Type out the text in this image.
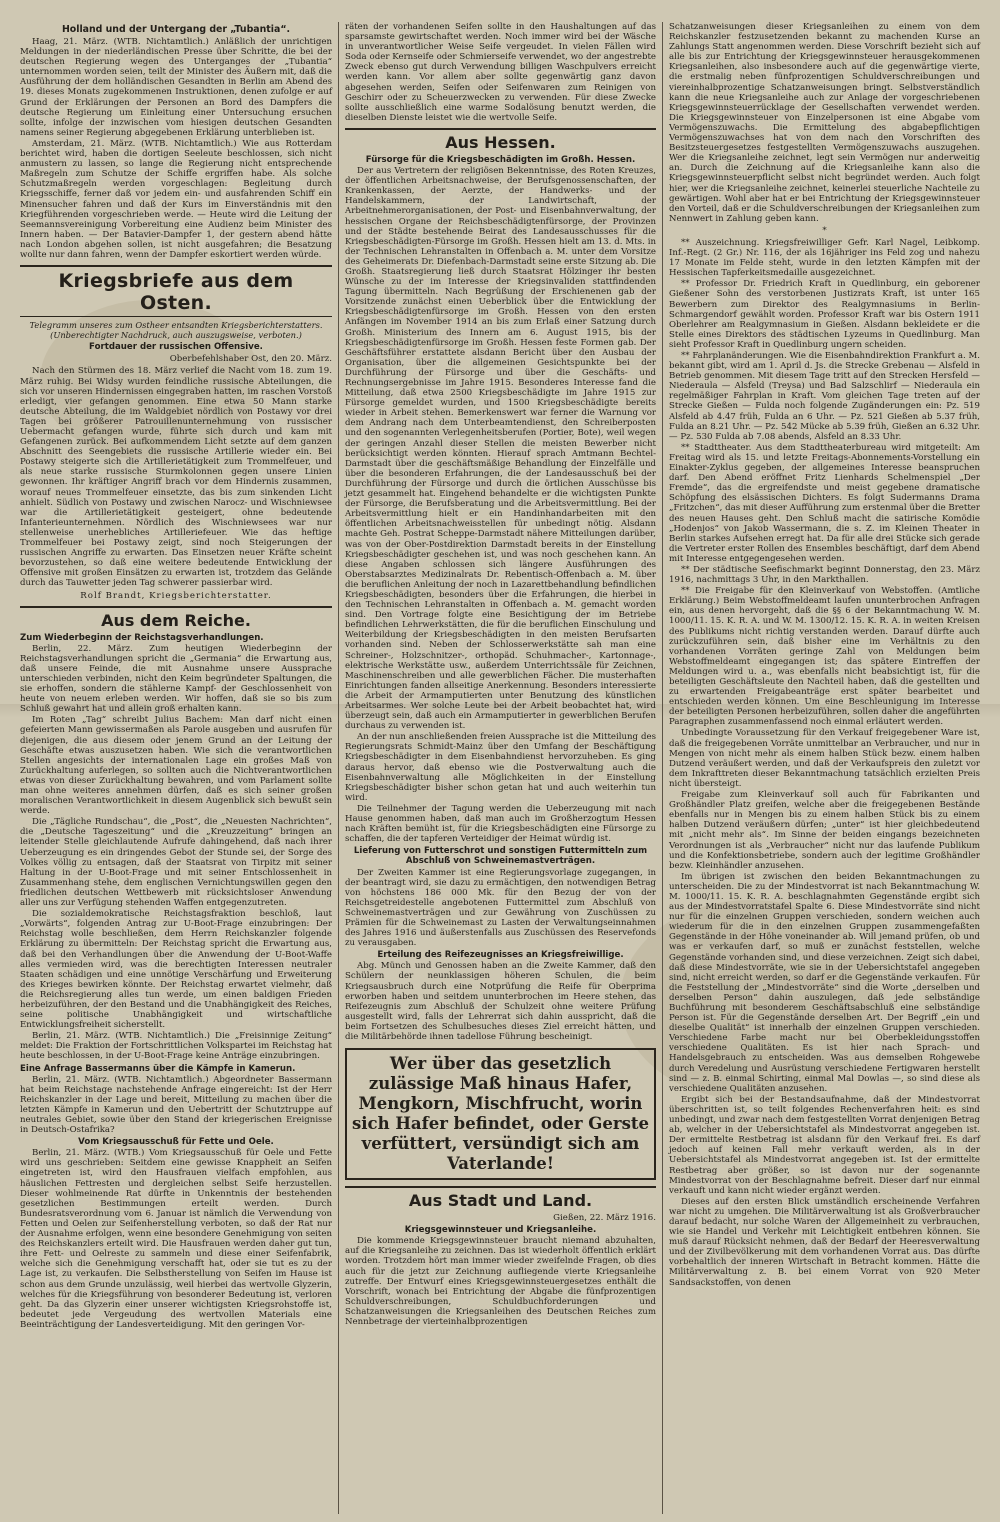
Holland und der Untergang der „Tubantia“.

Haag, 21. März. (WTB. Nichtamtlich.) Anläßlich der unrichtigen Meldungen in der niederländischen Presse über Schritte, die bei der deutschen Regierung wegen des Unterganges der „Tubantia“ unternommen worden seien, teilt der Minister des Äußern mit, daß die Ausführung der dem holländischen Gesandten in Berlin am Abend des 19. dieses Monats zugekommenen Instruktionen, denen zufolge er auf Grund der Erklärungen der Personen an Bord des Dampfers die deutsche Regierung um Einleitung einer Untersuchung ersuchen sollte, infolge der inzwischen vom hiesigen deutschen Gesandten namens seiner Regierung abgegebenen Erklärung unterblieben ist.

Amsterdam, 21. März. (WTB. Nichtamtlich.) Wie aus Rotterdam berichtet wird, haben die dortigen Seeleute beschlossen, sich nicht anmustern zu lassen, so lange die Regierung nicht entsprechende Maßregeln zum Schutze der Schiffe ergriffen habe. Als solche Schutzmaßregeln werden vorgeschlagen: Begleitung durch Kriegsschiffe, ferner daß vor jedem ein- und ausfahrenden Schiff ein Minensucher fahren und daß der Kurs im Einverständnis mit den Kriegführenden vorgeschrieben werde. — Heute wird die Leitung der Seemannsvereinigung Vorbereitung eine Audienz beim Minister des Innern haben. — Der Batavier-Dampfer 1, der gestern abend hätte nach London abgehen sollen, ist nicht ausgefahren; die Besatzung wollte nur dann fahren, wenn der Dampfer eskortiert werden würde.

Kriegsbriefe aus dem Osten.
Telegramm unseres zum Ostheer entsandten Kriegsberichterstatters. (Unberechtigter Nachdruck, auch auszugsweise, verboten.)
Fortdauer der russischen Offensive.
Oberbefehlshaber Ost, den 20. März.

Nach den Stürmen des 18. März verlief die Nacht vom 18. zum 19. März ruhig. Bei Widsy wurden feindliche russische Abteilungen, die sich vor unseren Hindernissen eingegraben hatten, im raschen Vorstoß erledigt, vier gefangen genommen. Eine etwa 50 Mann starke deutsche Abteilung, die im Waldgebiet nördlich von Postawy vor drei Tagen bei größerer Patrouillenunternehmung von russischer Uebermacht gefangen wurde, führte sich durch und kam mit Gefangenen zurück. Bei aufkommendem Licht setzte auf dem ganzen Abschnitt des Seengebiets die russische Artillerie wieder ein. Bei Postawy steigerte sich die Artillerietätigkeit zum Trommelfeuer, und als neue starke russische Sturmkolonnen gegen unsere Linien gewonnen. Ihr kräftiger Angriff brach vor dem Hindernis zusammen, worauf neues Trommelfeuer einsetzte, das bis zum sinkenden Licht anhielt. Südlich von Postawy und zwischen Narocz- und Wischniewsee war die Artillerietätigkeit gesteigert, ohne bedeutende Infanterieunternehmen. Nördlich des Wischniewsees war nur stellenweise unerhebliches Artilleriefeuer. Wie das heftige Trommelfeuer bei Postawy zeigt, sind noch Steigerungen der russischen Angriffe zu erwarten. Das Einsetzen neuer Kräfte scheint bevorzustehen, so daß eine weitere bedeutende Entwicklung der Offensive mit großen Einsätzen zu erwarten ist, trotzdem das Gelände durch das Tauwetter jeden Tag schwerer passierbar wird.

Rolf Brandt, Kriegsberichterstatter.
Aus dem Reiche.
Zum Wiederbeginn der Reichstagsverhandlungen.

Berlin, 22. März. Zum heutigen Wiederbeginn der Reichstagsverhandlungen spricht die „Germania“ die Erwartung aus, daß unsere Feinde, die mit Ausnahme unsere Aussprache unterschieden verbinden, nicht den Keim begründeter Spaltungen, die sie erhoffen, sondern die stählerne Kampf- der Geschlossenheit von heute von neuem erleben werden. Wir hoffen, daß sie so bis zum Schluß gewahrt hat und allein groß erhalten kann.

Im Roten „Tag“ schreibt Julius Bachem: Man darf nicht einen gefeierten Mann gewissermaßen als Parole ausgeben und ausrufen für diejenigen, die aus diesem oder jenem Grund an der Leitung der Geschäfte etwas auszusetzen haben. Wie sich die verantwortlichen Stellen angesichts der internationalen Lage ein großes Maß von Zurückhaltung auferlegen, so sollten auch die Nichtverantwortlichen etwas von dieser Zurückhaltung bewahren, und vom Parlament sollte man ohne weiteres annehmen dürfen, daß es sich seiner großen moralischen Verantwortlichkeit in diesem Augenblick sich bewußt sein werde.

Die „Tägliche Rundschau“, die „Post“, die „Neuesten Nachrichten“, die „Deutsche Tageszeitung“ und die „Kreuzzeitung“ bringen an leitender Stelle gleichlautende Aufrufe dahingehend, daß nach ihrer Ueberzeugung es ein dringendes Gebot der Stunde sei, der Sorge des Volkes völlig zu entsagen, daß der Staatsrat von Tirpitz mit seiner Haltung in der U-Boot-Frage und mit seiner Entschlossenheit in Zusammenhang stehe, dem englischen Vernichtungswillen gegen den friedlichen deutschen Wettbewerb mit rücksichtsloser Anwendung aller uns zur Verfügung stehenden Waffen entgegenzutreten.

Die sozialdemokratische Reichstagsfraktion beschloß, laut „Vorwärts“, folgenden Antrag zur U-Boot-Frage einzubringen: Der Reichstag wolle beschließen, dem Herrn Reichskanzler folgende Erklärung zu übermitteln: Der Reichstag spricht die Erwartung aus, daß bei den Verhandlungen über die Anwendung der U-Boot-Waffe alles vermieden wird, was die berechtigten Interessen neutraler Staaten schädigen und eine unnötige Verschärfung und Erweiterung des Krieges bewirken könnte. Der Reichstag erwartet vielmehr, daß die Reichsregierung alles tun werde, um einen baldigen Frieden herbeizuführen, der den Bestand und die Unabhängigkeit des Reiches, seine politische Unabhängigkeit und wirtschaftliche Entwicklungsfreiheit sicherstellt.

Berlin, 21. März. (WTB. Nichtamtlich.) Die „Freisinnige Zeitung“ meldet: Die Fraktion der Fortschrittlichen Volkspartei im Reichstag hat heute beschlossen, in der U-Boot-Frage keine Anträge einzubringen.

Eine Anfrage Bassermanns über die Kämpfe in Kamerun.

Berlin, 21. März. (WTB. Nichtamtlich.) Abgeordneter Bassermann hat beim Reichstage nachstehende Anfrage eingereicht: Ist der Herr Reichskanzler in der Lage und bereit, Mitteilung zu machen über die letzten Kämpfe in Kamerun und den Uebertritt der Schutztruppe auf neutrales Gebiet, sowie über den Stand der kriegerischen Ereignisse in Deutsch-Ostafrika?

Vom Kriegsausschuß für Fette und Oele.

Berlin, 21. März. (WTB.) Vom Kriegsausschuß für Oele und Fette wird uns geschrieben: Seitdem eine gewisse Knappheit an Seifen eingetreten ist, wird den Hausfrauen vielfach empfohlen, aus häuslichen Fettresten und dergleichen selbst Seife herzustellen. Dieser wohlmeinende Rat dürfte in Unkenntnis der bestehenden gesetzlichen Bestimmungen erteilt werden. Durch Bundesratsverordnung vom 6. Januar ist nämlich die Verwendung von Fetten und Oelen zur Seifenherstellung verboten, so daß der Rat nur der Ausnahme erfolgen, wenn eine besondere Genehmigung von seiten des Reichskanzlers erteilt wird. Die Hausfrauen werden daher gut tun, ihre Fett- und Oelreste zu sammeln und diese einer Seifenfabrik, welche sich die Genehmigung verschafft hat, oder sie tut es zu der Lage ist, zu verkaufen. Die Selbstherstellung von Seifen im Hause ist schon aus dem Grunde unzulässig, weil hierbei das wertvolle Glyzerin, welches für die Kriegsführung von besonderer Bedeutung ist, verloren geht. Da das Glyzerin einer unserer wichtigsten Kriegsrohstoffe ist, bedeutet jede Vergeudung des wertvollen Materials eine Beeinträchtigung der Landesverteidigung. Mit den geringen Vor-

räten der vorhandenen Seifen sollte in den Haushaltungen auf das sparsamste gewirtschaftet werden. Noch immer wird bei der Wäsche in unverantwortlicher Weise Seife vergeudet. In vielen Fällen wird Soda oder Kernseife oder Schmierseife verwendet, wo der angestrebte Zweck ebenso gut durch Verwendung billigen Waschpulvers erreicht werden kann. Vor allem aber sollte gegenwärtig ganz davon abgesehen werden, Seifen oder Seifenwaren zum Reinigen von Geschirr oder zu Scheuerzwecken zu verwenden. Für diese Zwecke sollte ausschließlich eine warme Sodalösung benutzt werden, die dieselben Dienste leistet wie die wertvolle Seife.

Aus Hessen.
Fürsorge für die Kriegsbeschädigten im Großh. Hessen.

Der aus Vertretern der religiösen Bekenntnisse, des Roten Kreuzes, der öffentlichen Arbeitsnachweise, der Berufsgenossenschaften, der Krankenkassen, der Aerzte, der Handwerks- und der Handelskammern, der Landwirtschaft, der Arbeitnehmerorganisationen, der Post- und Eisenbahnverwaltung, der hessischen Organe der Reichsbeschädigtenfürsorge, der Provinzen und der Städte bestehende Beirat des Landesausschusses für die Kriegsbeschädigten-Fürsorge im Großh. Hessen hielt am 13. d. Mts. in der Technischen Lehranstalten in Offenbach a. M. unter dem Vorsitze des Geheimerats Dr. Diefenbach-Darmstadt seine erste Sitzung ab. Die Großh. Staatsregierung ließ durch Staatsrat Hölzinger ihr besten Wünsche zu der im Interesse der Kriegsinvaliden stattfindenden Tagung übermitteln. Nach Begrüßung der Erschienenen gab der Vorsitzende zunächst einen Ueberblick über die Entwicklung der Kriegsbeschädigtenfürsorge im Großh. Hessen von den ersten Anfängen im November 1914 an bis zum Erlaß einer Satzung durch Großh. Ministerium des Innern am 6. August 1915, bis der Kriegsbeschädigtenfürsorge im Großh. Hessen feste Formen gab. Der Geschäftsführer erstattete alsdann Bericht über den Ausbau der Organisation, über die allgemeinen Gesichtspunkte bei der Durchführung der Fürsorge und über die Geschäfts- und Rechnungsergebnisse im Jahre 1915. Besonderes Interesse fand die Mitteilung, daß etwa 2500 Kriegsbeschädigte im Jahre 1915 zur Fürsorge gemeldet wurden, und 1500 Kriegsbeschädigte bereits wieder in Arbeit stehen. Bemerkenswert war ferner die Warnung vor dem Andrang nach dem Unterbeamtendienst, den Schreiberposten und den sogenannten Verlegenheitsberufen (Portier, Bote), weil wegen der geringen Anzahl dieser Stellen die meisten Bewerber nicht berücksichtigt werden könnten. Hierauf sprach Amtmann Bechtel-Darmstadt über die geschäftsmäßige Behandlung der Einzelfälle und über die besonderen Erfahrungen, die der Landesausschuß bei der Durchführung der Fürsorge und durch die örtlichen Ausschüsse bis jetzt gesammelt hat. Eingehend behandelte er die wichtigsten Punkte der Fürsorge, die Berufsberatung und die Arbeitsvermittlung. Bei der Arbeitsvermittlung hielt er ein Handinhandarbeiten mit den öffentlichen Arbeitsnachweisstellen für unbedingt nötig. Alsdann machte Geh. Postrat Scheppe-Darmstadt nähere Mitteilungen darüber, was von der Ober-Postdirektion Darmstadt bereits in der Einstellung Kriegsbeschädigter geschehen ist, und was noch geschehen kann. An diese Angaben schlossen sich längere Ausführungen des Oberstabsarztes Medizinalrats Dr. Rebentisch-Offenbach a. M. über die beruflichen Anleitung der noch in Lazarettbehandlung befindlichen Kriegsbeschädigten, besonders über die Erfahrungen, die hierbei in den Technischen Lehranstalten in Offenbach a. M. gemacht worden sind. Den Vortrage folgte eine Besichtigung der im Betriebe befindlichen Lehrwerkstätten, die für die beruflichen Einschulung und Weiterbildung der Kriegsbeschädigten in den meisten Berufsarten vorhanden sind. Neben der Schlosserwerkstätte sah man eine Schreiner-, Holzschnitzer-, orthopäd. Schuhmacher-, Kartonnage-, elektrische Werkstätte usw., außerdem Unterrichtssäle für Zeichnen, Maschinenschreiben und alle gewerblichen Fächer. Die musterhaften Einrichtungen fanden allseitige Anerkennung. Besonders interessierte die Arbeit der Armamputierten unter Benutzung des künstlichen Arbeitsarmes. Wer solche Leute bei der Arbeit beobachtet hat, wird überzeugt sein, daß auch ein Armamputierter in gewerblichen Berufen durchaus zu verwenden ist.

An der nun anschließenden freien Aussprache ist die Mitteilung des Regierungsrats Schmidt-Mainz über den Umfang der Beschäftigung Kriegsbeschädigter in dem Eisenbahndienst hervorzuheben. Es ging daraus hervor, daß ebenso wie die Postverwaltung auch die Eisenbahnverwaltung alle Möglichkeiten in der Einstellung Kriegsbeschädigter bisher schon getan hat und auch weiterhin tun wird.

Die Teilnehmer der Tagung werden die Ueberzeugung mit nach Hause genommen haben, daß man auch im Großherzogtum Hessen nach Kräften bemüht ist, für die Kriegsbeschädigten eine Fürsorge zu schaffen, die der tapferen Verteidiger der Heimat würdig ist.

Lieferung von Futterschrot und sonstigen Futtermitteln zum Abschluß von Schweinemastverträgen.

Der Zweiten Kammer ist eine Regierungsvorlage zugegangen, in der beantragt wird, sie dazu zu ermächtigen, den notwendigen Betrag von höchstens 186 000 Mk. für den Bezug der von der Reichsgetreidestelle angebotenen Futtermittel zum Abschluß von Schweinemastverträgen und zur Gewährung von Zuschüssen zu Prämien für die Schweinemast zu Lasten der Verwaltungseinnahmen des Jahres 1916 und äußerstenfalls aus Zuschüssen des Reservefonds zu verausgaben.

Erteilung des Reifezeugnisses an Kriegsfreiwillige.

Abg. Münch und Genossen haben an die Zweite Kammer, daß den Schülern der neunklassigen höheren Schulen, die beim Kriegsausbruch durch eine Notprüfung die Reife für Oberprima erworben haben und seitdem ununterbrochen im Heere stehen, das Reifezeugnis zum Abschluß der Schulzeit ohne weitere Prüfung ausgestellt wird, falls der Lehrerrat sich dahin ausspricht, daß die beim Fortsetzen des Schulbesuches dieses Ziel erreicht hätten, und die Militärbehörde ihnen tadellose Führung bescheinigt.

Wer über das gesetzlich zulässige Maß hinaus Hafer, Mengkorn, Mischfrucht, worin sich Hafer befindet, oder Gerste verfüttert, versündigt sich am Vaterlande!
Aus Stadt und Land.
Gießen, 22. März 1916.
Kriegsgewinnsteuer und Kriegsanleihe.

Die kommende Kriegsgewinnsteuer braucht niemand abzuhalten, auf die Kriegsanleihe zu zeichnen. Das ist wiederholt öffentlich erklärt worden. Trotzdem hört man immer wieder zweifelnde Fragen, ob dies auch für die jetzt zur Zeichnung aufliegende vierte Kriegsanleihe zutreffe. Der Entwurf eines Kriegsgewinnsteuergesetzes enthält die Vorschrift, wonach bei Entrichtung der Abgabe die fünfprozentigen Schuldverschreibungen, Schuldbuchforderungen und Schatzanweisungen die Kriegsanleihen des Deutschen Reiches zum Nennbetrage der vierteinhalbprozentigen

Schatzanweisungen dieser Kriegsanleihen zu einem von dem Reichskanzler festzusetzenden bekannt zu machenden Kurse an Zahlungs Statt angenommen werden. Diese Vorschrift bezieht sich auf alle bis zur Entrichtung der Kriegsgewinnsteuer herausgekommenen Kriegsanleihen, also insbesondere auch auf die gegenwärtige vierte, die erstmalig neben fünfprozentigen Schuldverschreibungen und viereinhalbprozentige Schatzanweisungen bringt. Selbstverständlich kann die neue Kriegsanleihe auch zur Anlage der vorgeschriebenen Kriegsgewinnsteuerrücklage der Gesellschaften verwendet werden. Die Kriegsgewinnsteuer von Einzelpersonen ist eine Abgabe vom Vermögenszuwachs. Die Ermittelung des abgabepflichtigen Vermögenszuwachses hat von dem nach den Vorschriften des Besitzsteuergesetzes festgestellten Vermögenszuwachs auszugehen. Wer die Kriegsanleihe zeichnet, legt sein Vermögen nur anderweitig an. Durch die Zeichnung auf die Kriegsanleihe kann also die Kriegsgewinnsteuerpflicht selbst nicht begründet werden. Auch folgt hier, wer die Kriegsanleihe zeichnet, keinerlei steuerliche Nachteile zu gewärtigen. Wohl aber hat er bei Entrichtung der Kriegsgewinnsteuer den Vorteil, daß er die Schuldverschreibungen der Kriegsanleihen zum Nennwert in Zahlung geben kann.

*

** Auszeichnung. Kriegsfreiwilliger Gefr. Karl Nagel, Leibkomp. Inf.-Regt. (2 Gr.) Nr. 116, der als 16jähriger ins Feld zog und nahezu 17 Monate im Felde steht, wurde in den letzten Kämpfen mit der Hessischen Tapferkeitsmedaille ausgezeichnet.

** Professor Dr. Friedrich Kraft in Quedlinburg, ein geborener Gießener Sohn des verstorbenen Justizrats Kraft, ist unter 165 Bewerbern zum Direktor des Realgymnasiums in Berlin-Schmargendorf gewählt worden. Professor Kraft war bis Ostern 1911 Oberlehrer am Realgymnasium in Gießen. Alsdann bekleidete er die Stelle eines Direktors des städtischen Lyzeums in Quedlinburg. Man sieht Professor Kraft in Quedlinburg ungern scheiden.

** Fahrplanänderungen. Wie die Eisenbahndirektion Frankfurt a. M. bekannt gibt, wird am 1. April d. Js. die Strecke Grebenau — Alsfeld in Betrieb genommen. Mit diesem Tage tritt auf den Strecken Hersfeld — Niederaula — Alsfeld (Treysa) und Bad Salzschlirf — Niederaula ein regelmäßiger Fahrplan in Kraft. Vom gleichen Tage treten auf der Strecke Gießen — Fulda noch folgende Zugänderungen ein: Pz. 519 Alsfeld ab 4.47 früh, Fulda an 6 Uhr. — Pz. 521 Gießen ab 5.37 früh, Fulda an 8.21 Uhr. — Pz. 542 Mücke ab 5.39 früh, Gießen an 6.32 Uhr. — Pz. 530 Fulda ab 7.08 abends, Alsfeld an 8.33 Uhr.

** Stadttheater. Aus dem Stadttheaterbureau wird mitgeteilt: Am Freitag wird als 15. und letzte Freitags-Abonnements-Vorstellung ein Einakter-Zyklus gegeben, der allgemeines Interesse beanspruchen darf. Den Abend eröffnet Fritz Lienhards Schelmenspiel „Der Fremde“, das die ergreifendste und meist gegebene dramatische Schöpfung des elsässischen Dichters. Es folgt Sudermanns Drama „Fritzchen“, das mit dieser Aufführung zum erstenmal über die Bretter des neuen Hauses geht. Den Schluß macht die satirische Komödie „Hodenjos“ von Jakob Wassermann, die s. Z. im Kleinen Theater in Berlin starkes Aufsehen erregt hat. Da für alle drei Stücke sich gerade die Vertreter erster Rollen des Ensembles beschäftigt, darf dem Abend mit Interesse entgegengesehen werden.

** Der städtische Seefischmarkt beginnt Donnerstag, den 23. März 1916, nachmittags 3 Uhr, in den Markthallen.

** Die Freigabe für den Kleinverkauf von Webstoffen. (Amtliche Erklärung.) Beim Webstoffmeldeamt laufen ununterbrochen Anfragen ein, aus denen hervorgeht, daß die §§ 6 der Bekanntmachung W. M. 1000/11. 15. K. R. A. und W. M. 1300/12. 15. K. R. A. in weiten Kreisen des Publikums nicht richtig verstanden werden. Darauf dürfte auch zurückzuführen sein, daß bisher eine im Verhältnis zu den vorhandenen Vorräten geringe Zahl von Meldungen beim Webstoffmeldeamt eingegangen ist; das spätere Eintreffen der Meldungen wird u. a., was ebenfalls nicht beabsichtigt ist, für die beteiligten Geschäftsleute den Nachteil haben, daß die gestellten und zu erwartenden Freigabeanträge erst später bearbeitet und entschieden werden können. Um eine Beschleunigung im Interesse der beteiligten Personen herbeizuführen, sollen daher die angeführten Paragraphen zusammenfassend noch einmal erläutert werden.

Unbedingte Voraussetzung für den Verkauf freigegebener Ware ist, daß die freigegebenen Vorräte unmittelbar an Verbraucher, und nur in Mengen von nicht mehr als einem halben Stück bezw. einem halben Dutzend veräußert werden, und daß der Verkaufspreis den zuletzt vor dem Inkrafttreten dieser Bekanntmachung tatsächlich erzielten Preis nicht übersteigt.

Freigabe zum Kleinverkauf soll auch für Fabrikanten und Großhändler Platz greifen, welche aber die freigegebenen Bestände ebenfalls nur in Mengen bis zu einem halben Stück bis zu einem halben Dutzend veräußern dürfen; „unter“ ist hier gleichbedeutend mit „nicht mehr als“. Im Sinne der beiden eingangs bezeichneten Verordnungen ist als „Verbraucher“ nicht nur das laufende Publikum und die Konfektionsbetriebe, sondern auch der legitime Großhändler bezw. Kleinhändler anzusehen.

Im übrigen ist zwischen den beiden Bekanntmachungen zu unterscheiden. Die zu der Mindestvorrat ist nach Bekanntmachung W. M. 1000/11. 15. K. R. A. beschlagnahmten Gegenstände ergibt sich aus der Mindestvorratstafel Spalte 6. Diese Mindestvorräte sind nicht nur für die einzelnen Gruppen verschieden, sondern weichen auch wiederum für die in den einzelnen Gruppen zusammengefaßten Gegenstände in der Höhe voneinander ab. Will jemand prüfen, ob und was er verkaufen darf, so muß er zunächst feststellen, welche Gegenstände vorhanden sind, und diese verzeichnen. Zeigt sich dabei, daß diese Mindestvorräte, wie sie in der Uebersichtstafel angegeben sind, nicht erreicht werden, so darf er die Gegenstände verkaufen. Für die Feststellung der „Mindestvorräte“ sind die Worte „derselben und derselben Person“ dahin auszulegen, daß jede selbständige Buchführung mit besonderem Geschäftsabschluß eine selbständige Person ist. Für die Gegenstände derselben Art. Der Begriff „ein und dieselbe Qualität“ ist innerhalb der einzelnen Gruppen verschieden. Verschiedene Farbe macht nur bei Oberbekleidungsstoffen verschiedene Qualitäten. Es ist hier nach Sprach- und Handelsgebrauch zu entscheiden. Was aus demselben Rohgewebe durch Veredelung und Ausrüstung verschiedene Fertigwaren herstellt sind — z. B. einmal Schirting, einmal Mal Dowlas —, so sind diese als verschiedene Qualitäten anzusehen.

Ergibt sich bei der Bestandsaufnahme, daß der Mindestvorrat überschritten ist, so teilt folgendes Rechenverfahren heit: es sind unbedingt, und zwar nach dem festgestellten Vorrat denjenigen Betrag ab, welcher in der Uebersichtstafel als Mindestvorrat angegeben ist. Der ermittelte Restbetrag ist alsdann für den Verkauf frei. Es darf jedoch auf keinen Fall mehr verkauft werden, als in der Uebersichtstafel als Mindestvorrat angegeben ist. Ist der ermittelte Restbetrag aber größer, so ist davon nur der sogenannte Mindestvorrat von der Beschlagnahme befreit. Dieser darf nur einmal verkauft und kann nicht wieder ergänzt werden.

Dieses auf den ersten Blick umständlich erscheinende Verfahren war nicht zu umgehen. Die Militärverwaltung ist als Großverbraucher darauf bedacht, nur solche Waren der Allgemeinheit zu verbrauchen, wie sie Handel und Verkehr mit Leichtigkeit entbehren können. Sie muß darauf Rücksicht nehmen, daß der Bedarf der Heeresverwaltung und der Zivilbevölkerung mit dem vorhandenen Vorrat aus. Das dürfte vorbehaltlich der inneren Wirtschaft in Betracht kommen. Hätte die Militärverwaltung z. B. bei einem Vorrat von 920 Meter Sandsackstoffen, von denen
